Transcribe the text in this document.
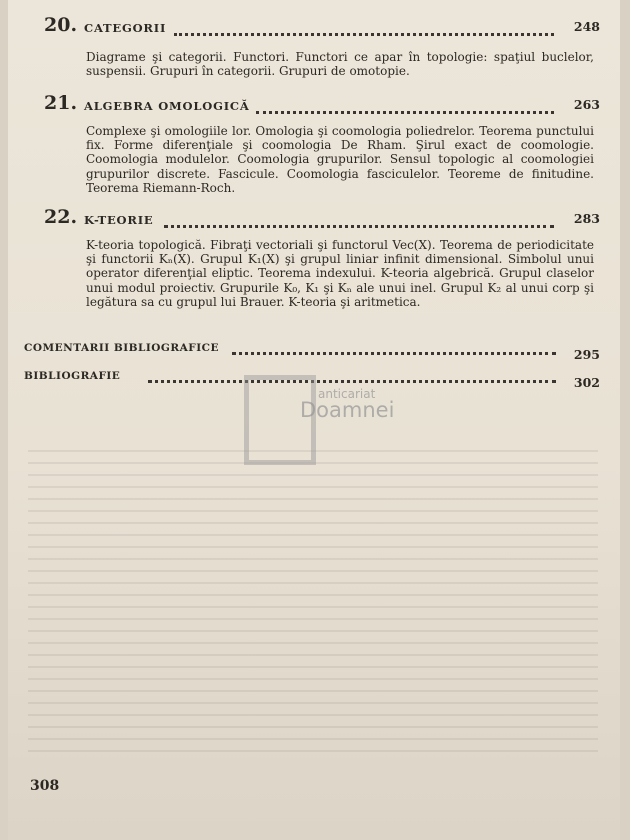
20. CATEGORII	248
Diagrame şi categorii. Functori. Functori ce apar în topologie: spaţiul buclelor, suspensii. Grupuri în categorii. Grupuri de omotopie.
21. ALGEBRA OMOLOGICĂ	263
Complexe şi omologiile lor. Omologia şi coomologia poliedrelor. Teorema punctului fix. Forme diferenţiale şi coomologia De Rham. Şirul exact de coomologie. Coomologia modulelor. Coomologia grupurilor. Sensul topologic al coomologiei grupurilor discrete. Fascicule. Coomologia fasciculelor. Teoreme de finitudine. Teorema Riemann-Roch.
22. K-TEORIE	283
K-teoria topologică. Fibraţi vectoriali şi functorul Vec(X). Teorema de periodicitate şi functorii Kₙ(X). Grupul K₁(X) şi grupul liniar infinit dimensional. Simbolul unui operator diferenţial eliptic. Teorema indexului. K-teoria algebrică. Grupul claselor unui modul proiectiv. Grupurile K₀, K₁ şi Kₙ ale unui inel. Grupul K₂ al unui corp şi legătura sa cu grupul lui Brauer. K-teoria şi aritmetica.
COMENTARII BIBLIOGRAFICE	295
BIBLIOGRAFIE	302
anticariat
Doamnei
308
